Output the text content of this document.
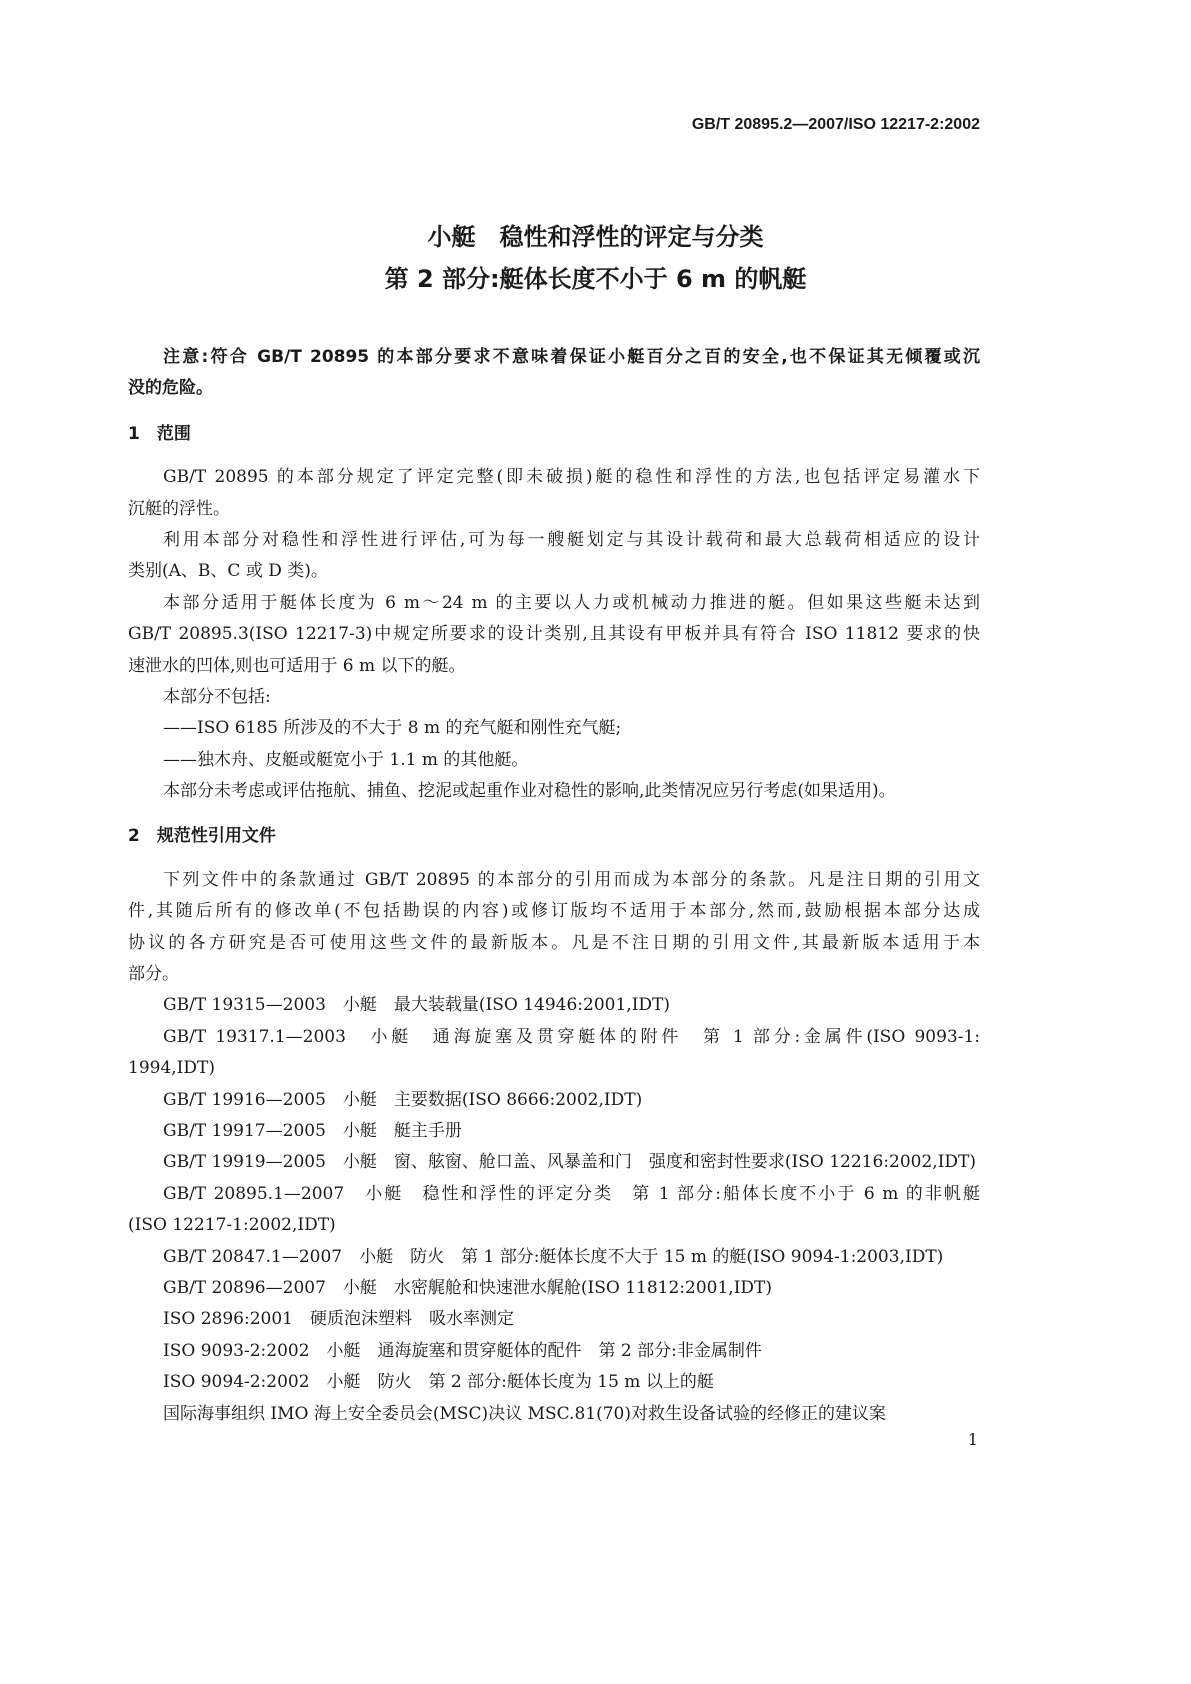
GB/T 20895.2—2007/ISO 12217-2:2002
小艇　稳性和浮性的评定与分类
第 2 部分:艇体长度不小于 6 m 的帆艇
注意:符合 GB/T 20895 的本部分要求不意味着保证小艇百分之百的安全,也不保证其无倾覆或沉
没的危险。
1　范围
GB/T 20895 的本部分规定了评定完整(即未破损)艇的稳性和浮性的方法,也包括评定易灌水下
沉艇的浮性。
利用本部分对稳性和浮性进行评估,可为每一艘艇划定与其设计载荷和最大总载荷相适应的设计
类别(A、B、C 或 D 类)。
本部分适用于艇体长度为 6 m～24 m 的主要以人力或机械动力推进的艇。但如果这些艇未达到
GB/T 20895.3(ISO 12217-3)中规定所要求的设计类别,且其设有甲板并具有符合 ISO 11812 要求的快
速泄水的凹体,则也可适用于 6 m 以下的艇。
本部分不包括:
——ISO 6185 所涉及的不大于 8 m 的充气艇和刚性充气艇;
——独木舟、皮艇或艇宽小于 1.1 m 的其他艇。
本部分未考虑或评估拖航、捕鱼、挖泥或起重作业对稳性的影响,此类情况应另行考虑(如果适用)。
2　规范性引用文件
下列文件中的条款通过 GB/T 20895 的本部分的引用而成为本部分的条款。凡是注日期的引用文
件,其随后所有的修改单(不包括勘误的内容)或修订版均不适用于本部分,然而,鼓励根据本部分达成
协议的各方研究是否可使用这些文件的最新版本。凡是不注日期的引用文件,其最新版本适用于本
部分。
GB/T 19315—2003　小艇　最大装载量(ISO 14946:2001,IDT)
GB/T 19317.1—2003　小艇　通海旋塞及贯穿艇体的附件　第 1 部分:金属件(ISO 9093-1:
1994,IDT)
GB/T 19916—2005　小艇　主要数据(ISO 8666:2002,IDT)
GB/T 19917—2005　小艇　艇主手册
GB/T 19919—2005　小艇　窗、舷窗、舱口盖、风暴盖和门　强度和密封性要求(ISO 12216:2002,IDT)
GB/T 20895.1—2007　小艇　稳性和浮性的评定分类　第 1 部分:船体长度不小于 6 m 的非帆艇
(ISO 12217-1:2002,IDT)
GB/T 20847.1—2007　小艇　防火　第 1 部分:艇体长度不大于 15 m 的艇(ISO 9094-1:2003,IDT)
GB/T 20896—2007　小艇　水密艉舱和快速泄水艉舱(ISO 11812:2001,IDT)
ISO 2896:2001　硬质泡沫塑料　吸水率测定
ISO 9093-2:2002　小艇　通海旋塞和贯穿艇体的配件　第 2 部分:非金属制件
ISO 9094-2:2002　小艇　防火　第 2 部分:艇体长度为 15 m 以上的艇
国际海事组织 IMO 海上安全委员会(MSC)决议 MSC.81(70)对救生设备试验的经修正的建议案
1
